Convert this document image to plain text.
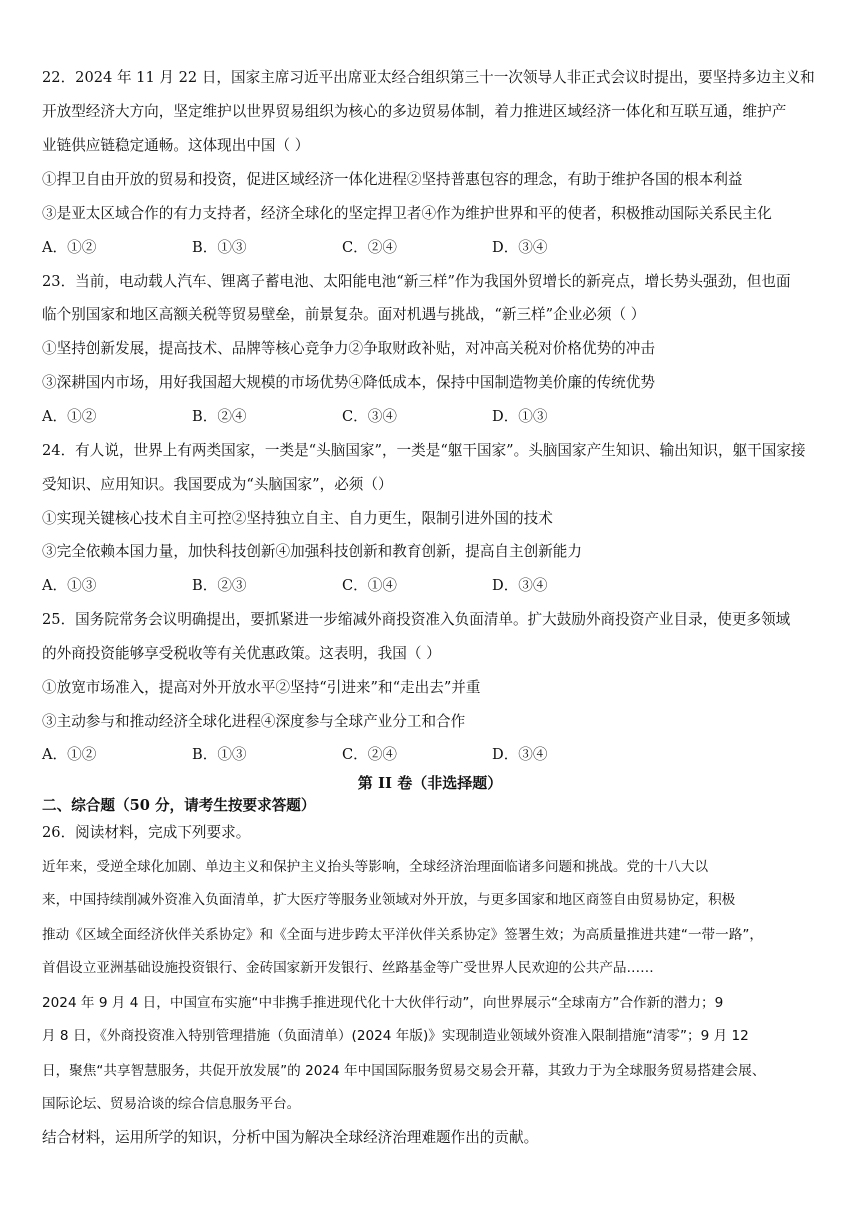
22．2024 年 11 月 22 日，国家主席习近平出席亚太经合组织第三十一次领导人非正式会议时提出，要坚持多边主义和
开放型经济大方向，坚定维护以世界贸易组织为核心的多边贸易体制，着力推进区域经济一体化和互联互通，维护产
业链供应链稳定通畅。这体现出中国（ ）
①捍卫自由开放的贸易和投资，促进区域经济一体化进程②坚持普惠包容的理念，有助于维护各国的根本利益
③是亚太区域合作的有力支持者，经济全球化的坚定捍卫者④作为维护世界和平的使者，积极推动国际关系民主化
A．①②	B．①③	C．②④	D．③④
23．当前，电动载人汽车、锂离子蓄电池、太阳能电池“新三样”作为我国外贸增长的新亮点，增长势头强劲，但也面
临个别国家和地区高额关税等贸易壁垒，前景复杂。面对机遇与挑战，“新三样”企业必须（ ）
①坚持创新发展，提高技术、品牌等核心竞争力②争取财政补贴，对冲高关税对价格优势的冲击
③深耕国内市场，用好我国超大规模的市场优势④降低成本，保持中国制造物美价廉的传统优势
A．①②	B．②④	C．③④	D．①③
24．有人说，世界上有两类国家，一类是“头脑国家”，一类是“躯干国家”。头脑国家产生知识、输出知识，躯干国家接
受知识、应用知识。我国要成为“头脑国家”，必须（）
①实现关键核心技术自主可控②坚持独立自主、自力更生，限制引进外国的技术
③完全依赖本国力量，加快科技创新④加强科技创新和教育创新，提高自主创新能力
A．①③	B．②③	C．①④	D．③④
25．国务院常务会议明确提出，要抓紧进一步缩减外商投资准入负面清单。扩大鼓励外商投资产业目录，使更多领域
的外商投资能够享受税收等有关优惠政策。这表明，我国（ ）
①放宽市场准入，提高对外开放水平②坚持“引进来”和“走出去”并重
③主动参与和推动经济全球化进程④深度参与全球产业分工和合作
A．①②	B．①③	C．②④	D．③④
第 II 卷（非选择题）
二、综合题（50 分，请考生按要求答题）
26．阅读材料，完成下列要求。
近年来，受逆全球化加剧、单边主义和保护主义抬头等影响，全球经济治理面临诸多问题和挑战。党的十八大以
来，中国持续削减外资准入负面清单，扩大医疗等服务业领域对外开放，与更多国家和地区商签自由贸易协定，积极
推动《区域全面经济伙伴关系协定》和《全面与进步跨太平洋伙伴关系协定》签署生效；为高质量推进共建“一带一路”，
首倡设立亚洲基础设施投资银行、金砖国家新开发银行、丝路基金等广受世界人民欢迎的公共产品……
2024 年 9 月 4 日，中国宣布实施“中非携手推进现代化十大伙伴行动”，向世界展示“全球南方”合作新的潜力；9
月 8 日，《外商投资准入特别管理措施（负面清单）(2024 年版)》实现制造业领域外资准入限制措施“清零”；9 月 12
日，聚焦“共享智慧服务，共促开放发展”的 2024 年中国国际服务贸易交易会开幕，其致力于为全球服务贸易搭建会展、
国际论坛、贸易洽谈的综合信息服务平台。
结合材料，运用所学的知识，分析中国为解决全球经济治理难题作出的贡献。
